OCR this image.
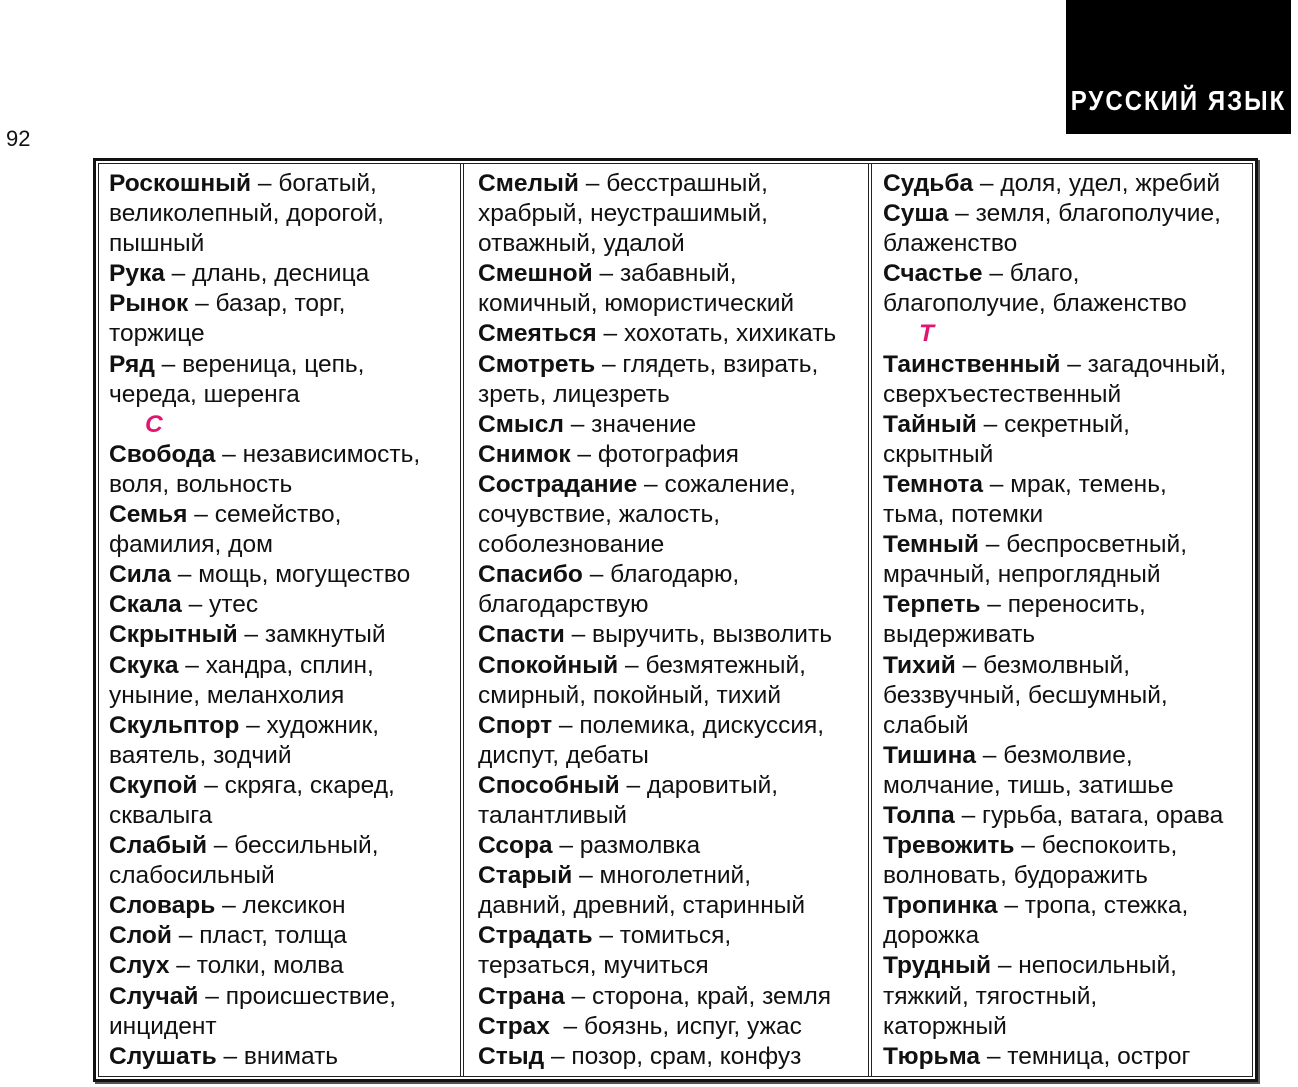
РУССКИЙ ЯЗЫК
92
Роскошный – богатый,
великолепный, дорогой,
пышный
Рука – длань, десница
Рынок – базар, торг,
торжице
Ряд – вереница, цепь,
череда, шеренга
С
Свобода – независимость,
воля, вольность
Семья – семейство,
фамилия, дом
Сила – мощь, могущество
Скала – утес
Скрытный – замкнутый
Скука – хандра, сплин,
уныние, меланхолия
Скульптор – художник,
ваятель, зодчий
Скупой – скряга, скаред,
сквалыга
Слабый – бессильный,
слабосильный
Словарь – лексикон
Слой – пласт, толща
Слух – толки, молва
Случай – происшествие,
инцидент
Слушать – внимать
Смелый – бесстрашный,
храбрый, неустрашимый,
отважный, удалой
Смешной – забавный,
комичный, юмористический
Смеяться – хохотать, хихикать
Смотреть – глядеть, взирать,
зреть, лицезреть
Смысл – значение
Снимок – фотография
Сострадание – сожаление,
сочувствие, жалость,
соболезнование
Спасибо – благодарю,
благодарствую
Спасти – выручить, вызволить
Спокойный – безмятежный,
смирный, покойный, тихий
Спорт – полемика, дискуссия,
диспут, дебаты
Способный – даровитый,
талантливый
Ссора – размолвка
Старый – многолетний,
давний, древний, старинный
Страдать – томиться,
терзаться, мучиться
Страна – сторона, край, земля
Страх  – боязнь, испуг, ужас
Стыд – позор, срам, конфуз
Судьба – доля, удел, жребий
Суша – земля, благополучие,
блаженство
Счастье – благо,
благополучие, блаженство
Т
Таинственный – загадочный,
сверхъестественный
Тайный – секретный,
скрытный
Темнота – мрак, темень,
тьма, потемки
Темный – беспросветный,
мрачный, непроглядный
Терпеть – переносить,
выдерживать
Тихий – безмолвный,
беззвучный, бесшумный,
слабый
Тишина – безмолвие,
молчание, тишь, затишье
Толпа – гурьба, ватага, орава
Тревожить – беспокоить,
волновать, будоражить
Тропинка – тропа, стежка,
дорожка
Трудный – непосильный,
тяжкий, тягостный,
каторжный
Тюрьма – темница, острог
